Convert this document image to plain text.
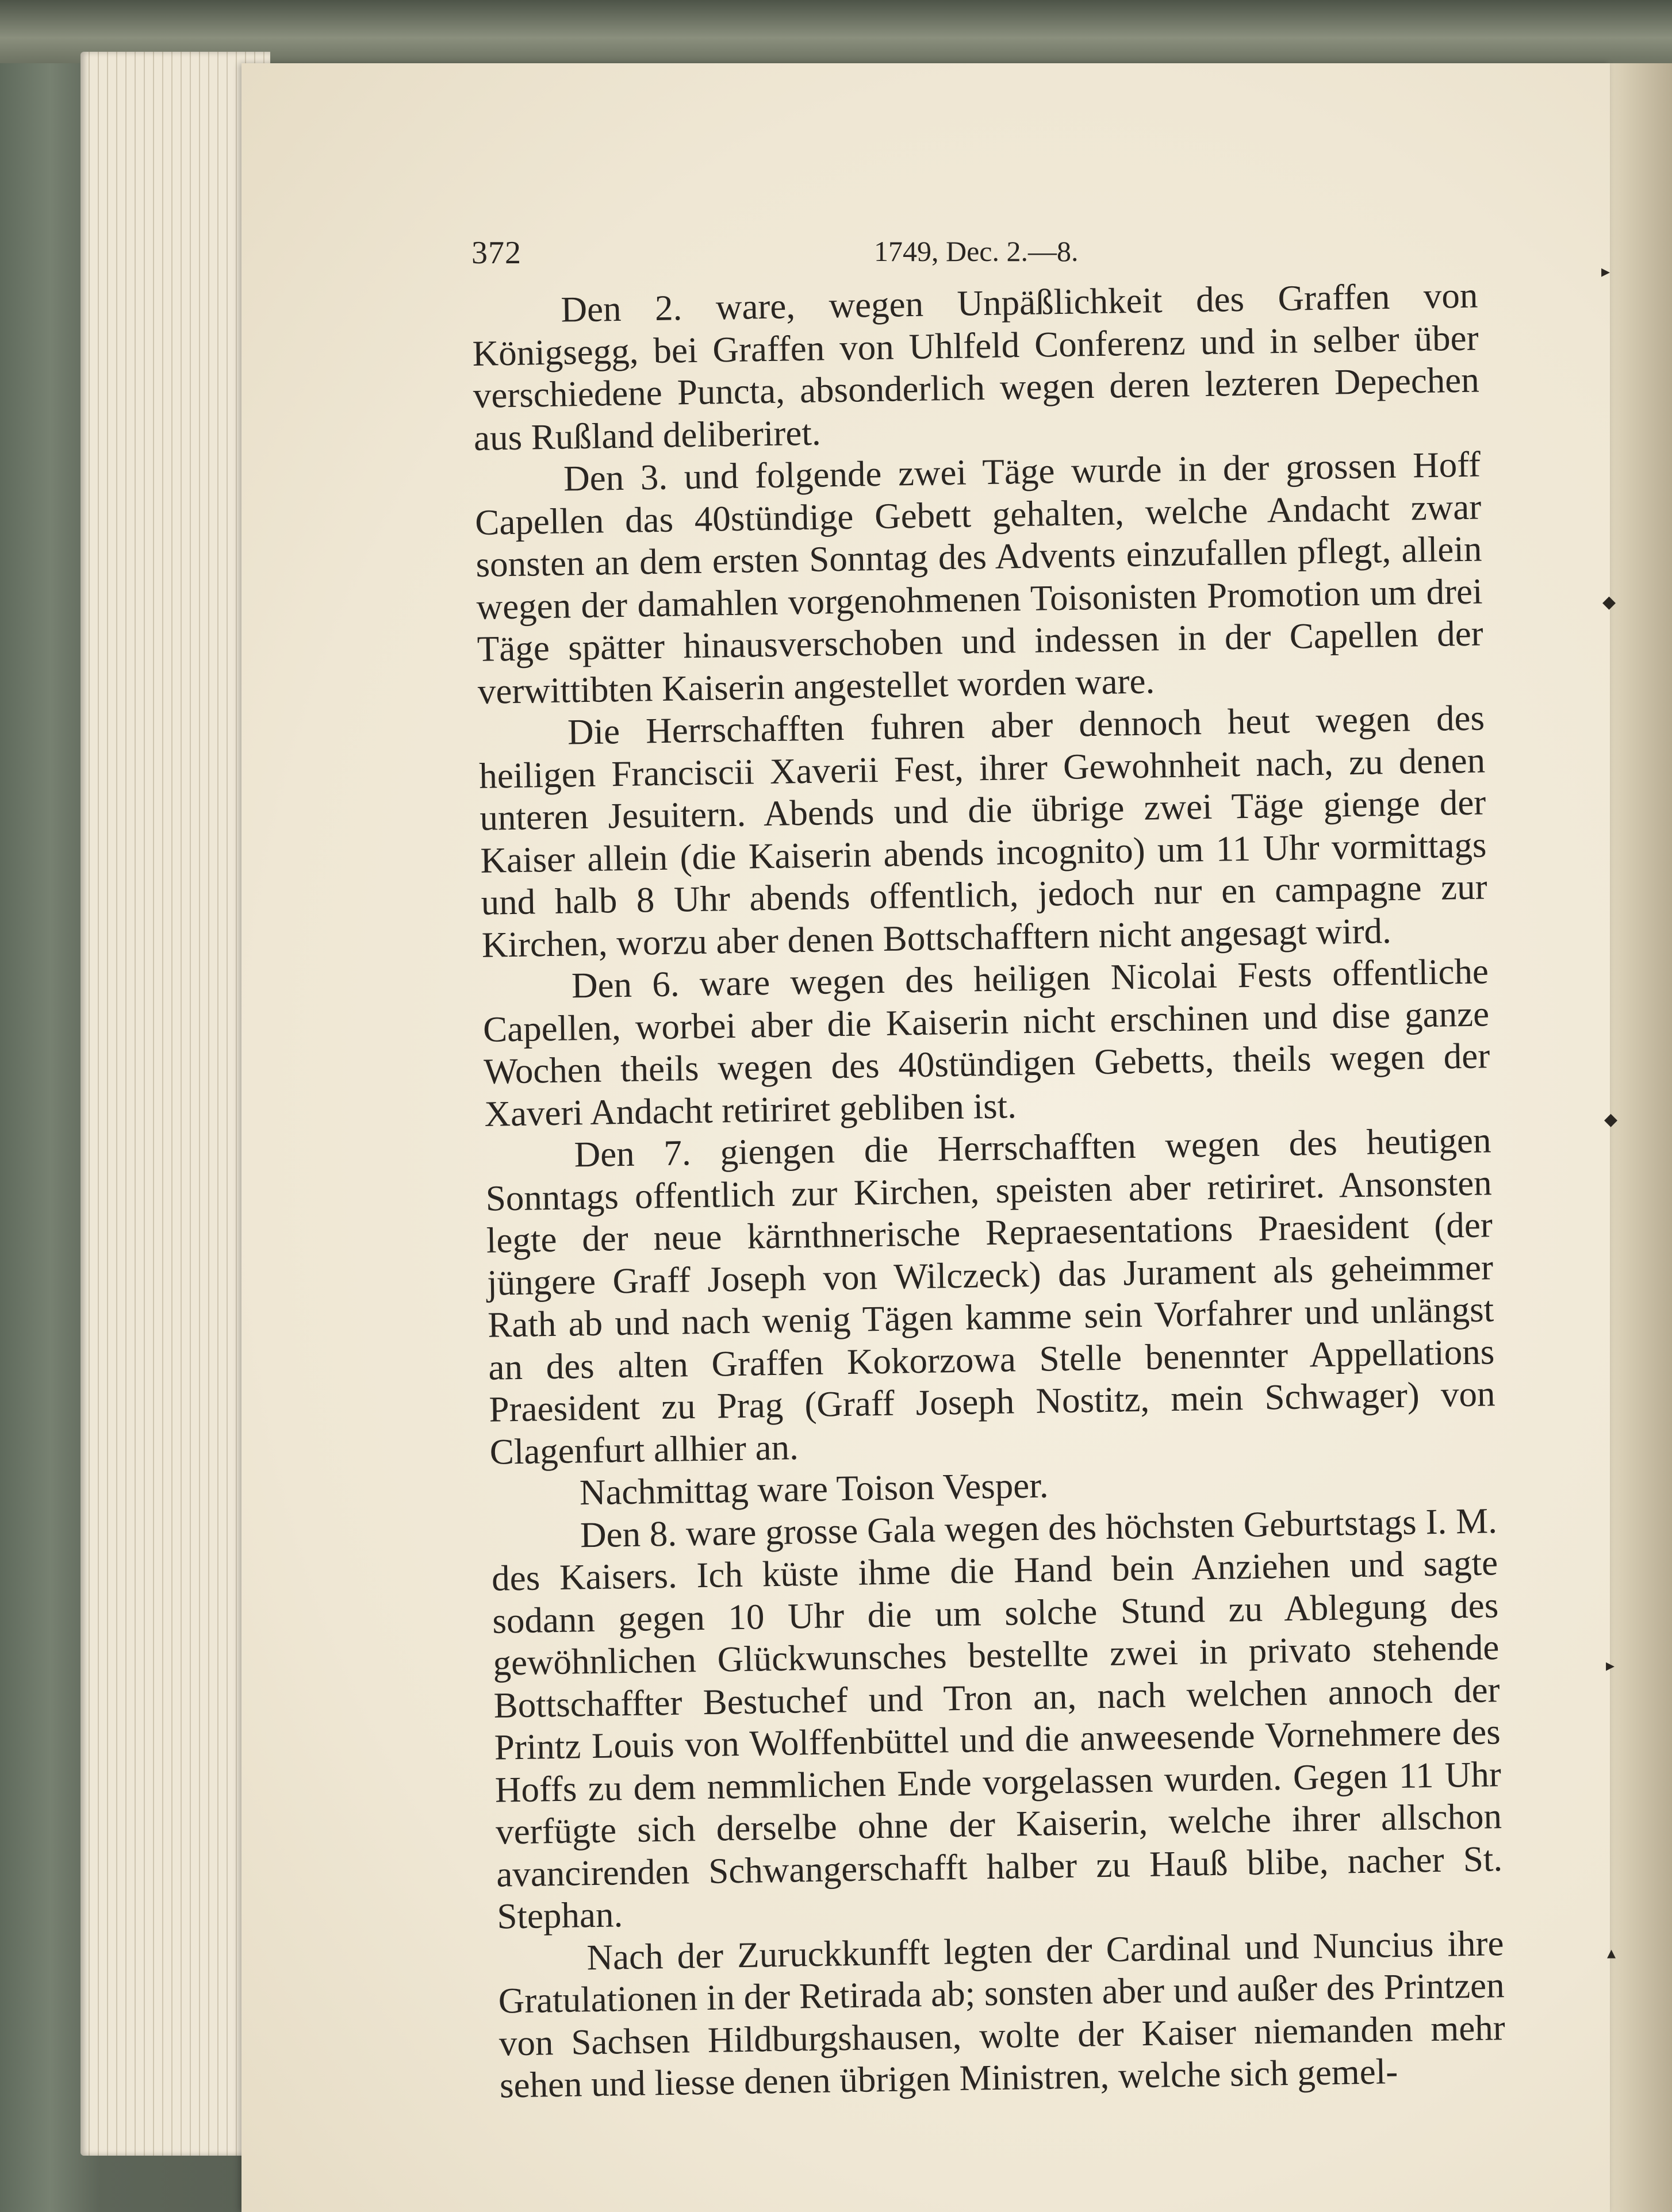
372	1749, Dec. 2.—8.

Den 2. ware, wegen Unpäßlichkeit des Graffen von Königsegg, bei Graffen von Uhlfeld Conferenz und in selber über verschiedene Puncta, absonderlich wegen deren lezteren Depechen aus Rußland deliberiret.

Den 3. und folgende zwei Täge wurde in der grossen Hoff Capellen das 40stündige Gebett gehalten, welche Andacht zwar sonsten an dem ersten Sonntag des Advents einzufallen pflegt, allein wegen der damahlen vorgenohmenen Toisonisten Promotion um drei Täge spätter hinausverschoben und indessen in der Capellen der verwittibten Kaiserin angestellet worden ware.

Die Herrschafften fuhren aber dennoch heut wegen des heiligen Franciscii Xaverii Fest, ihrer Gewohnheit nach, zu denen unteren Jesuitern. Abends und die übrige zwei Täge gienge der Kaiser allein (die Kaiserin abends incognito) um 11 Uhr vormittags und halb 8 Uhr abends offentlich, jedoch nur en campagne zur Kirchen, worzu aber denen Bottschafftern nicht angesagt wird.

Den 6. ware wegen des heiligen Nicolai Fests offentliche Capellen, worbei aber die Kaiserin nicht erschinen und dise ganze Wochen theils wegen des 40stündigen Gebetts, theils wegen der Xaveri Andacht retiriret gebliben ist.

Den 7. giengen die Herrschafften wegen des heutigen Sonntags offentlich zur Kirchen, speisten aber retiriret. Ansonsten legte der neue kärnthnerische Repraesentations Praesident (der jüngere Graff Joseph von Wilczeck) das Jurament als geheimmer Rath ab und nach wenig Tägen kamme sein Vorfahrer und unlängst an des alten Graffen Kokorzowa Stelle benennter Appellations Praesident zu Prag (Graff Joseph Nostitz, mein Schwager) von Clagenfurt allhier an.

Nachmittag ware Toison Vesper.

Den 8. ware grosse Gala wegen des höchsten Geburtstags I. M. des Kaisers. Ich küste ihme die Hand bein Anziehen und sagte sodann gegen 10 Uhr die um solche Stund zu Ablegung des gewöhnlichen Glückwunsches bestellte zwei in privato stehende Bottschaffter Bestuchef und Tron an, nach welchen annoch der Printz Louis von Wolffenbüttel und die anweesende Vornehmere des Hoffs zu dem nemmlichen Ende vorgelassen wurden. Gegen 11 Uhr verfügte sich derselbe ohne der Kaiserin, welche ihrer allschon avancirenden Schwangerschafft halber zu Hauß blibe, nacher St. Stephan.

Nach der Zuruckkunfft legten der Cardinal und Nuncius ihre Gratulationen in der Retirada ab; sonsten aber und außer des Printzen von Sachsen Hildburgshausen, wolte der Kaiser niemanden mehr sehen und liesse denen übrigen Ministren, welche sich gemel-

▸
◆
◆
▸
▴
